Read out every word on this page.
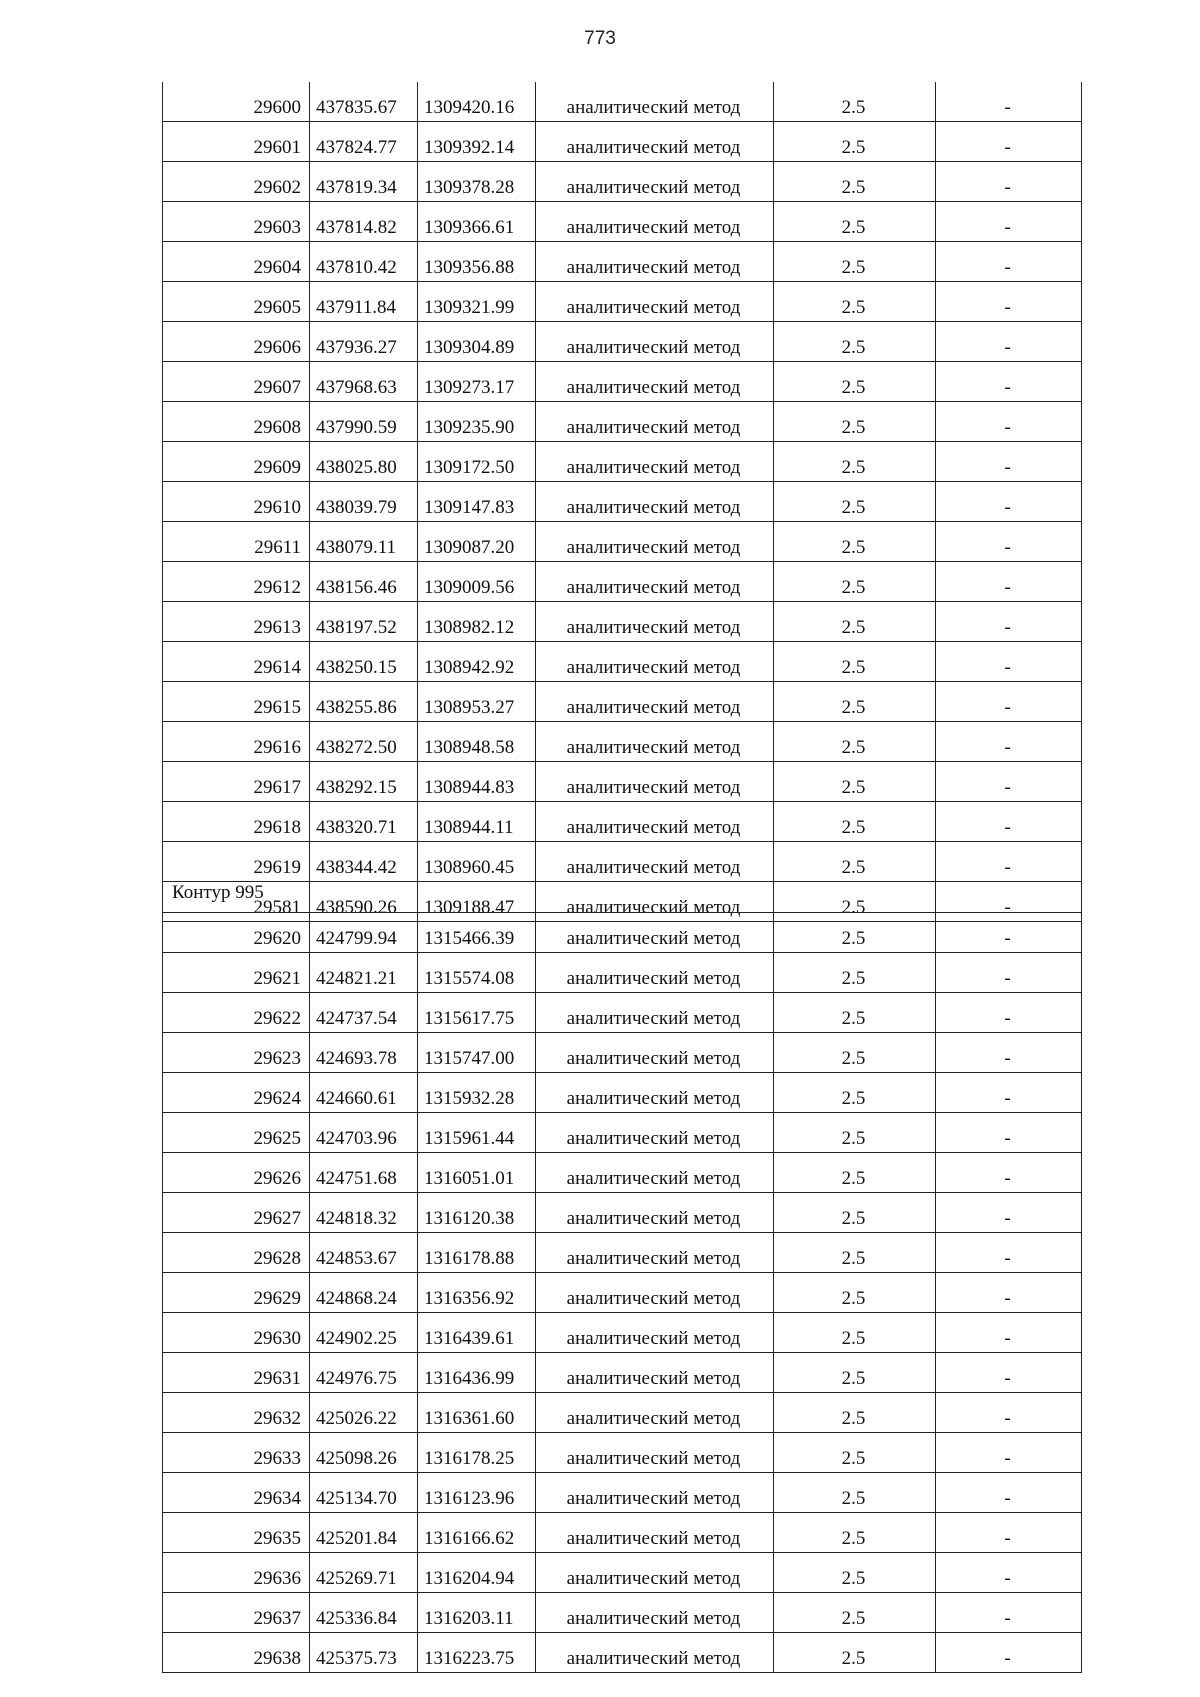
773
29600	437835.67	1309420.16	аналитический метод	2.5	-
29601	437824.77	1309392.14	аналитический метод	2.5	-
29602	437819.34	1309378.28	аналитический метод	2.5	-
29603	437814.82	1309366.61	аналитический метод	2.5	-
29604	437810.42	1309356.88	аналитический метод	2.5	-
29605	437911.84	1309321.99	аналитический метод	2.5	-
29606	437936.27	1309304.89	аналитический метод	2.5	-
29607	437968.63	1309273.17	аналитический метод	2.5	-
29608	437990.59	1309235.90	аналитический метод	2.5	-
29609	438025.80	1309172.50	аналитический метод	2.5	-
29610	438039.79	1309147.83	аналитический метод	2.5	-
29611	438079.11	1309087.20	аналитический метод	2.5	-
29612	438156.46	1309009.56	аналитический метод	2.5	-
29613	438197.52	1308982.12	аналитический метод	2.5	-
29614	438250.15	1308942.92	аналитический метод	2.5	-
29615	438255.86	1308953.27	аналитический метод	2.5	-
29616	438272.50	1308948.58	аналитический метод	2.5	-
29617	438292.15	1308944.83	аналитический метод	2.5	-
29618	438320.71	1308944.11	аналитический метод	2.5	-
29619	438344.42	1308960.45	аналитический метод	2.5	-
29581	438590.26	1309188.47	аналитический метод	2.5	-
Контур 995
29620	424799.94	1315466.39	аналитический метод	2.5	-
29621	424821.21	1315574.08	аналитический метод	2.5	-
29622	424737.54	1315617.75	аналитический метод	2.5	-
29623	424693.78	1315747.00	аналитический метод	2.5	-
29624	424660.61	1315932.28	аналитический метод	2.5	-
29625	424703.96	1315961.44	аналитический метод	2.5	-
29626	424751.68	1316051.01	аналитический метод	2.5	-
29627	424818.32	1316120.38	аналитический метод	2.5	-
29628	424853.67	1316178.88	аналитический метод	2.5	-
29629	424868.24	1316356.92	аналитический метод	2.5	-
29630	424902.25	1316439.61	аналитический метод	2.5	-
29631	424976.75	1316436.99	аналитический метод	2.5	-
29632	425026.22	1316361.60	аналитический метод	2.5	-
29633	425098.26	1316178.25	аналитический метод	2.5	-
29634	425134.70	1316123.96	аналитический метод	2.5	-
29635	425201.84	1316166.62	аналитический метод	2.5	-
29636	425269.71	1316204.94	аналитический метод	2.5	-
29637	425336.84	1316203.11	аналитический метод	2.5	-
29638	425375.73	1316223.75	аналитический метод	2.5	-
